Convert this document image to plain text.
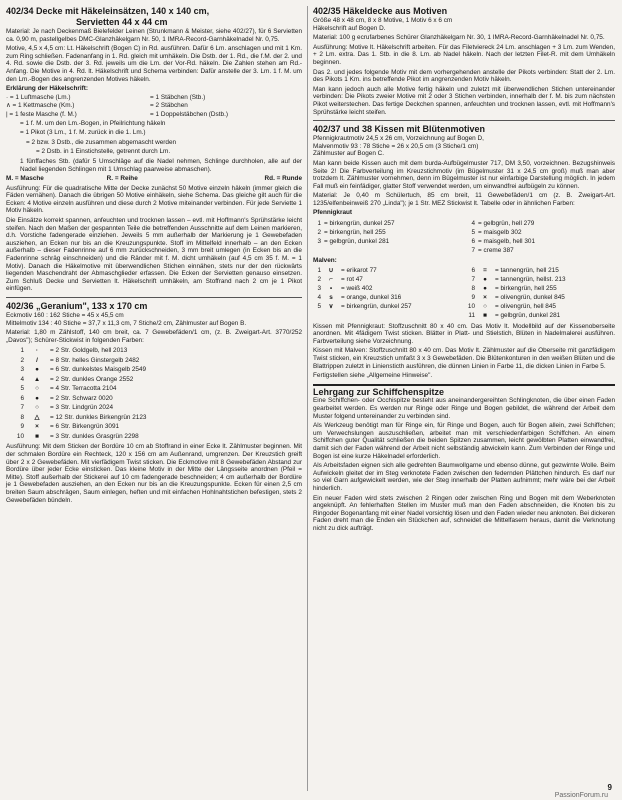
402/34 Decke mit Häkeleinsätzen, 140 x 140 cm,
Servietten 44 x 44 cm

Material: Je nach Deckenmaß Bielefelder Leinen (Strunkmann & Meister, siehe 402/27), für 6 Servietten ca. 0,90 m, pastellgelbes DMC-Glanzhäkelgarn Nr. 50, 1 IMRA-Record-Garnhäkelnadel Nr. 0,75.

Motive, 4,5 x 4,5 cm: Lt. Häkelschrift (Bogen C) in Rd. ausführen. Dafür 6 Lm. anschlagen und mit 1 Km. zum Ring schließen. Fadenanfang in 1. Rd. gleich mit umhäkeln. Die Dstb. der 1. Rd., die f.M. der 2. und 4. Rd. sowie die Dstb. der 3. Rd. jeweils um die Lm. der Vor-Rd. häkeln. Die Zahlen stehen am Rd.-Anfang. Die Motive in 4. Rd. lt. Häkelschrift und Schema verbinden: Dafür anstelle der 3. Lm. 1 f. M. um den Lm.-Bogen des angrenzenden Motives häkeln.

Erklärung der Häkelschrift:
· = 1 Luftmasche (Lm.)	= 1 Stäbchen (Stb.)
∧ = 1 Kettmasche (Km.)	= 2 Stäbchen
| = 1 feste Masche (f. M.)	= 1 Doppelstäbchen (Dstb.)

= 1 f. M. um den Lm.-Bogen, in Pfeilrichtung häkeln

= 1 Pikot (3 Lm., 1 f. M. zurück in die 1. Lm.)

= 2 bzw. 3 Dstb., die zusammen abgemascht werden

= 2 Dstb. in 1 Einstichstelle, getrennt durch Lm.

1 fünffaches Stb. (dafür 5 Umschläge auf die Nadel nehmen, Schlinge durchholen, alle auf der Nadel liegenden Schlingen mit 1 Umschlag paarweise abmaschen).

M. = Masche	R. = Reihe	Rd. = Runde

Ausführung: Für die quadratische Mitte der Decke zunächst 50 Motive einzeln häkeln (immer gleich die Fäden vernähen). Danach die übrigen 50 Motive einhäkeln, siehe Schema. Das gleiche gilt auch für die Ecken: 4 Motive einzeln ausführen und diese durch 2 Motive miteinander verbinden. Für jede Serviette 1 Motiv häkeln.

Die Einsätze korrekt spannen, anfeuchten und trocknen lassen – evtl. mit Hoffmann's Sprühstärke leicht steifen. Nach den Maßen der gespannten Teile die betreffenden Ausschnitte auf dem Leinen markieren, d.h. Vorstiche fadengerade einziehen. Jeweils 5 mm außerhalb der Markierung je 1 Gewebefaden ausziehen, an Ecken nur bis an die Kreuzungspunkte. Stoff im Mittelfeld innerhalb – an den Ecken außerhalb – dieser Fadenrinne auf 6 mm zurückschneiden, 3 mm breit umlegen (in Ecken bis an die Fadenrinne schräg einschneiden) und die Ränder mit f. M. dicht umhäkeln (auf 4,5 cm 35 f. M. = 1 Motiv). Danach die Häkelmotive mit überwendlichen Stichen einnähen, stets nur der den rückwärts liegenden Maschendraht der Abmaschglieder erfassen. Die Ecken der Servietten genauso einsetzen. Zum Schluß Decke und Servietten lt. Häkelschrift umhäkeln, am Stoffrand nach 2 cm je 1 Pikot einfügen.

402/36 „Geranium", 133 x 170 cm

Eckmotiv 160 : 162 Stiche = 45 x 45,5 cm

Mittelmotiv 134 : 40 Stiche = 37,7 x 11,3 cm, 7 Stiche/2 cm, Zählmuster auf Bogen B.

Material: 1,80 m Zählstoff, 140 cm breit, ca. 7 Gewebefäden/1 cm, (z. B. Zweigart-Art. 3770/252 „Davos"); Schürer-Stickwist in folgenden Farben:

1	·	= 2 Str. Goldgelb, hell 2013
2	/	= 8 Str. helles Ginstergelb 2482
3	●	= 6 Str. dunkelstes Maisgelb 2549
4	▲	= 2 Str. dunkles Orange 2552
5	○	= 4 Str. Terracotta 2104
6	●	= 2 Str. Schwarz 0020
7	○	= 3 Str. Lindgrün 2024
8	△	= 12 Str. dunkles Birkengrün 2123
9	×	= 6 Str. Birkengrün 3091
10	■	= 3 Str. dunkles Grasgrün 2298

Ausführung: Mit dem Sticken der Bordüre 10 cm ab Stoffrand in einer Ecke lt. Zählmuster beginnen. Mit der schmalen Bordüre ein Rechteck, 120 x 156 cm am Außenrand, umgrenzen. Der Kreuzstich greift über 2 x 2 Gewebefäden. Mit vierfädigem Twist sticken. Die Eckmotive mit 8 Gewebefäden Abstand zur Bordüre über jeder Ecke einsticken. Das kleine Motiv in der Mitte der Längsseite anordnen (Pfeil = Mitte). Stoff außerhalb der Stickerei auf 10 cm fadengerade beschneiden; 4 cm außerhalb der Bordüre je 1 Gewebefaden ausziehen, an den Ecken nur bis an die Kreuzungspunkte. Ecken für einen 2,5 cm breiten Saum abschrägen, Saum einlegen, heften und mit einfachen Hohlnahtstichen befestigen, stets 2 Gewebefäden bündeln.

402/35 Häkeldecke aus Motiven

Größe 48 x 48 cm, 8 x 8 Motive, 1 Motiv 6 x 6 cm

Häkelschrift auf Bogen D.

Material: 100 g ecrufarbenes Schürer Glanzhäkelgarn Nr. 30, 1 IMRA-Record-Garnhäkelnadel Nr. 0,75.

Ausführung: Motive lt. Häkelschrift arbeiten. Für das Filetviereck 24 Lm. anschlagen + 3 Lm. zum Wenden, + 2 Lm. extra. Das 1. Stb. in die 8. Lm. ab Nadel häkeln. Nach der letzten Filet-R. mit dem Umhäkeln beginnen.

Das 2. und jedes folgende Motiv mit dem vorhergehenden anstelle der Pikots verbinden: Statt der 2. Lm. des Pikots 1 Km. ins betreffende Pikot im angrenzenden Motiv häkeln.

Man kann jedoch auch alle Motive fertig häkeln und zuletzt mit überwendlichen Stichen untereinander verbinden: Die Pikots zweier Motive mit 2 oder 3 Stichen verbinden, innerhalb der f. M. bis zum nächsten Pikot weiterstechen. Das fertige Deckchen spannen, anfeuchten und trocknen lassen, evtl. mit Hoffmann's Sprühstärke leicht steifen.

402/37 und 38 Kissen mit Blütenmotiven

Pfennigkrautmotiv 24,5 x 26 cm, Vorzeichnung auf Bogen D,

Malvenmotiv 93 : 78 Stiche = 26 x 20,5 cm (3 Stiche/1 cm)

Zählmuster auf Bogen C.

Man kann beide Kissen auch mit dem burda-Aufbügelmuster 717, DM 3,50, vorzeichnen. Bezugshinweis Seite 2! Die Farbverteilung im Kreuzstichmotiv (im Bügelmuster 31 x 24,5 cm groß) muß man aber trotzdem lt. Zählmuster vornehmen, denn im Bügelmuster ist nur einfarbige Darstellung möglich. In jedem Fall muß ein feinfädiger, glatter Stoff verwendet werden, um einwandfrei aufbügeln zu können.

Material: Je 0,40 m Schülertuch, 85 cm breit, 11 Gewebefäden/1 cm (z. B. Zweigart-Art. 1235/elfenbeinweiß 270 „Linda"); je 1 Str. MEZ Stickwist lt. Tabelle oder in ähnlichen Farben:

Pfennigkraut
1 = birkengrün, dunkel 257
2 = birkengrün, hell 255
3 = gelbgrün, dunkel 281
4 = gelbgrün, hell 279
5 = maisgelb 302
6 = maisgelb, hell 301
7 = creme 387
Malven:
1	∪	= erikarot 77
2	⌐	= rot 47
3	▪	= weiß 402
4	s	= orange, dunkel 316
5	∨	= birkengrün, dunkel 257
6	=	= tannengrün, hell 215
7	●	= tannengrün, hellst. 213
8	●	= birkengrün, hell 255
9	×	= olivengrün, dunkel 845
10	○	= olivengrün, hell 845
11	■	= gelbgrün, dunkel 281

Kissen mit Pfennigkraut: Stoffzuschnitt 80 x 40 cm. Das Motiv lt. Modellbild auf der Kissenoberseite anordnen. Mit 4fädigem Twist sticken. Blätter in Platt- und Stielstich, Blüten in Nadelmalerei ausführen. Farbverteilung siehe Vorzeichnung.

Kissen mit Malven: Stoffzuschnitt 80 x 40 cm. Das Motiv lt. Zählmuster auf die Oberseite mit ganzfädigem Twist sticken, ein Kreuzstich umfaßt 3 x 3 Gewebefäden. Die Blütenkonturen in den weißen Blüten und die Blattrippen zuletzt in Liniensticth ausführen, die dünnen Linien in Farbe 11, die dicken Linien in Farbe 5.

Fertigstellen siehe „Allgemeine Hinweise".

Lehrgang zur Schiffchenspitze

Eine Schiffchen- oder Occhispitze besteht aus aneinandergereihten Schlingknoten, die über einen Faden gearbeitet werden. Es werden nur Ringe oder Ringe und Bogen gebildet, die während der Arbeit dem Muster folgend untereinander zu verbinden sind.

Als Werkzeug benötigt man für Ringe ein, für Ringe und Bogen, auch für Bogen allein, zwei Schiffchen; um Verwechslungen auszuschließen, arbeitet man mit verschiedenfarbigen Schiffchen. An einem Schiffchen guter Qualität schließen die beiden Spitzen zusammen, leicht gewölbten Platten einwandfrei, damit sich der Faden während der Arbeit nicht selbständig abwickeln kann. Zum Verbinden der Ringe und Bogen ist eine kurze Häkelnadel erforderlich.

Als Arbeitsfaden eignen sich alle gedrehten Baumwollgarne und ebenso dünne, gut gezwirnte Wolle. Beim Aufwickeln gleitet der im Steg verknotete Faden zwischen den federnden Plättchen hindurch. Es darf nur so viel Garn aufgewickelt werden, wie der Steg innerhalb der Platten aufnimmt; mehr wäre bei der Arbeit hinderlich.

Ein neuer Faden wird stets zwischen 2 Ringen oder zwischen Ring und Bogen mit dem Weberknoten angeknüpft. An fehlerhaften Stellen im Muster muß man den Faden abschneiden, die Knoten bis zu Ringoder Bogenanfang mit einer Nadel vorsichtig lösen und den Faden wieder neu anknoten. Bei dickeren Faden dreht man die Enden ein Stückchen auf, schneidet die Mittelfasern heraus, damit die Verknotung nicht zu dick aufträgt.

9
PassionForum.ru
